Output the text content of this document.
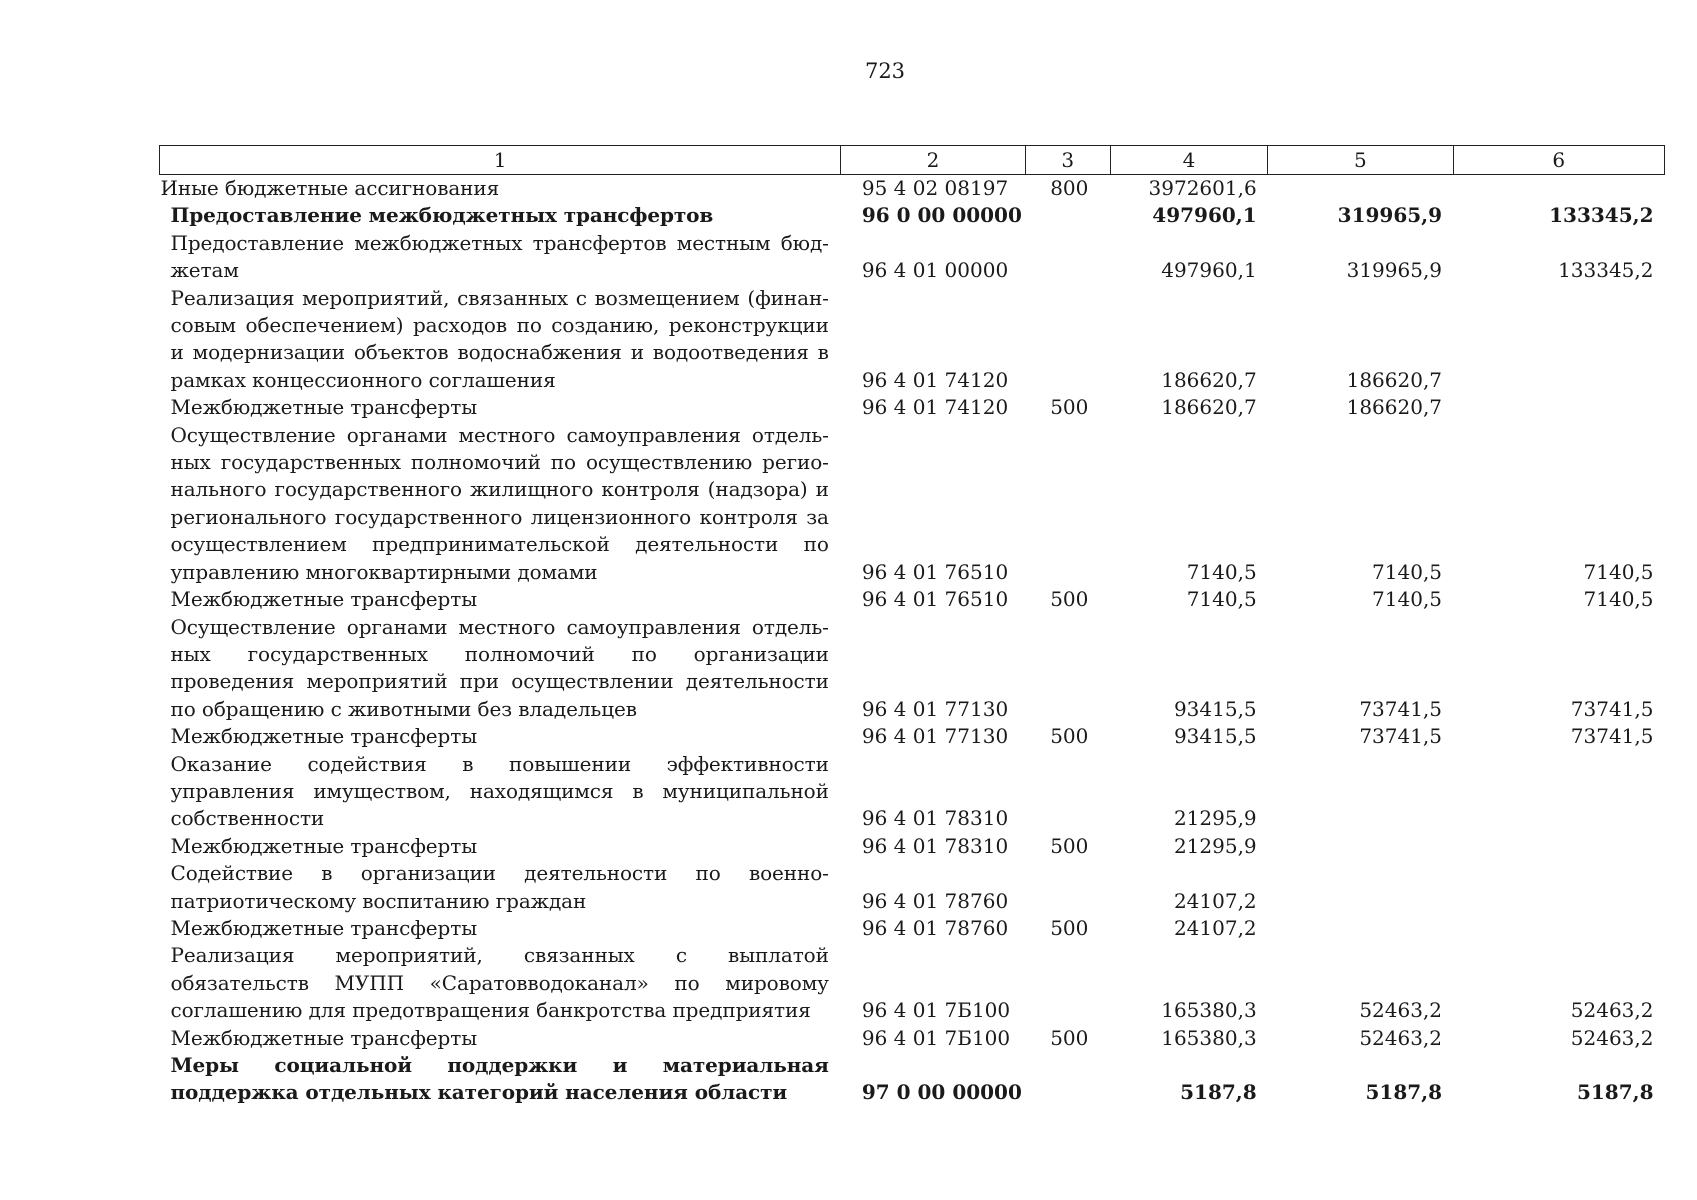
723
1	2	3	4	5	6
Иные бюджетные ассигнования	95 4 02 08197	800	3972601,6		
Предоставление межбюджетных трансфертов	96 0 00 00000		497960,1	319965,9	133345,2
Предоставление межбюджетных трансфертов местным бюд-жетам	96 4 01 00000		497960,1	319965,9	133345,2
Реализация мероприятий, связанных с возмещением (финан-совым обеспечением) расходов по созданию, реконструкции и модернизации объектов водоснабжения и водоотведения в рамках концессионного соглашения	96 4 01 74120		186620,7	186620,7	
Межбюджетные трансферты	96 4 01 74120	500	186620,7	186620,7	
Осуществление органами местного самоуправления отдель-ных государственных полномочий по осуществлению регио-нального государственного жилищного контроля (надзора) и регионального государственного лицензионного контроля за осуществлением предпринимательской деятельности по управлению многоквартирными домами	96 4 01 76510		7140,5	7140,5	7140,5
Межбюджетные трансферты	96 4 01 76510	500	7140,5	7140,5	7140,5
Осуществление органами местного самоуправления отдель-ных государственных полномочий по организации проведения мероприятий при осуществлении деятельности по обращению с животными без владельцев	96 4 01 77130		93415,5	73741,5	73741,5
Межбюджетные трансферты	96 4 01 77130	500	93415,5	73741,5	73741,5
Оказание содействия в повышении эффективности управления имуществом, находящимся в муниципальной собственности	96 4 01 78310		21295,9		
Межбюджетные трансферты	96 4 01 78310	500	21295,9		
Содействие в организации деятельности по военно-патриотическому воспитанию граждан	96 4 01 78760		24107,2		
Межбюджетные трансферты	96 4 01 78760	500	24107,2		
Реализация мероприятий, связанных с выплатой обязательств МУПП «Саратовводоканал» по мировому соглашению для предотвращения банкротства предприятия	96 4 01 7Б100		165380,3	52463,2	52463,2
Межбюджетные трансферты	96 4 01 7Б100	500	165380,3	52463,2	52463,2
Меры социальной поддержки и материальная поддержка отдельных категорий населения области	97 0 00 00000		5187,8	5187,8	5187,8
